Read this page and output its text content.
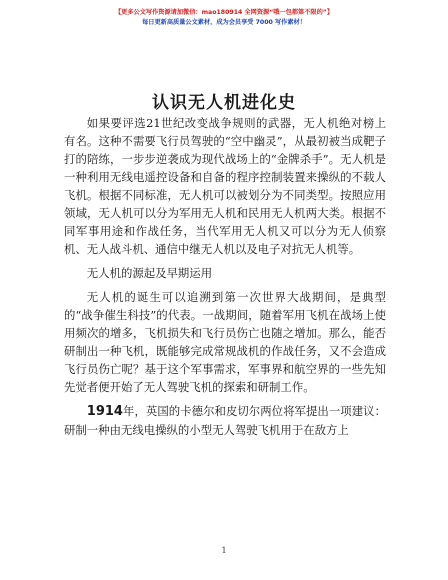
【更多公文写作资源请加微信：mao180914 全网资源“哦一包都第不限的”】
每日更新高质量公文素材，成为会员享受 7000 写作素材！
认识无人机进化史

如果要评选21世纪改变战争规则的武器，无人机绝对榜上有名。这种不需要飞行员驾驶的“空中幽灵”，从最初被当成靶子打的陪练，一步步逆袭成为现代战场上的“金牌杀手”。无人机是一种利用无线电遥控设备和自备的程序控制装置来操纵的不载人飞机。根据不同标准，无人机可以被划分为不同类型。按照应用领域，无人机可以分为军用无人机和民用无人机两大类。根据不同军事用途和作战任务，当代军用无人机又可以分为无人侦察机、无人战斗机、通信中继无人机以及电子对抗无人机等。

无人机的源起及早期运用

无人机的诞生可以追溯到第一次世界大战期间，是典型的“战争催生科技”的代表。一战期间，随着军用飞机在战场上使用频次的增多，飞机损失和飞行员伤亡也随之增加。那么，能否研制出一种飞机，既能够完成常规战机的作战任务，又不会造成飞行员伤亡呢？基于这个军事需求，军事界和航空界的一些先知先觉者便开始了无人驾驶飞机的探索和研制工作。

1914年，英国的卡德尔和皮切尔两位将军提出一项建议：研制一种由无线电操纵的小型无人驾驶飞机用于在敌方上

1
